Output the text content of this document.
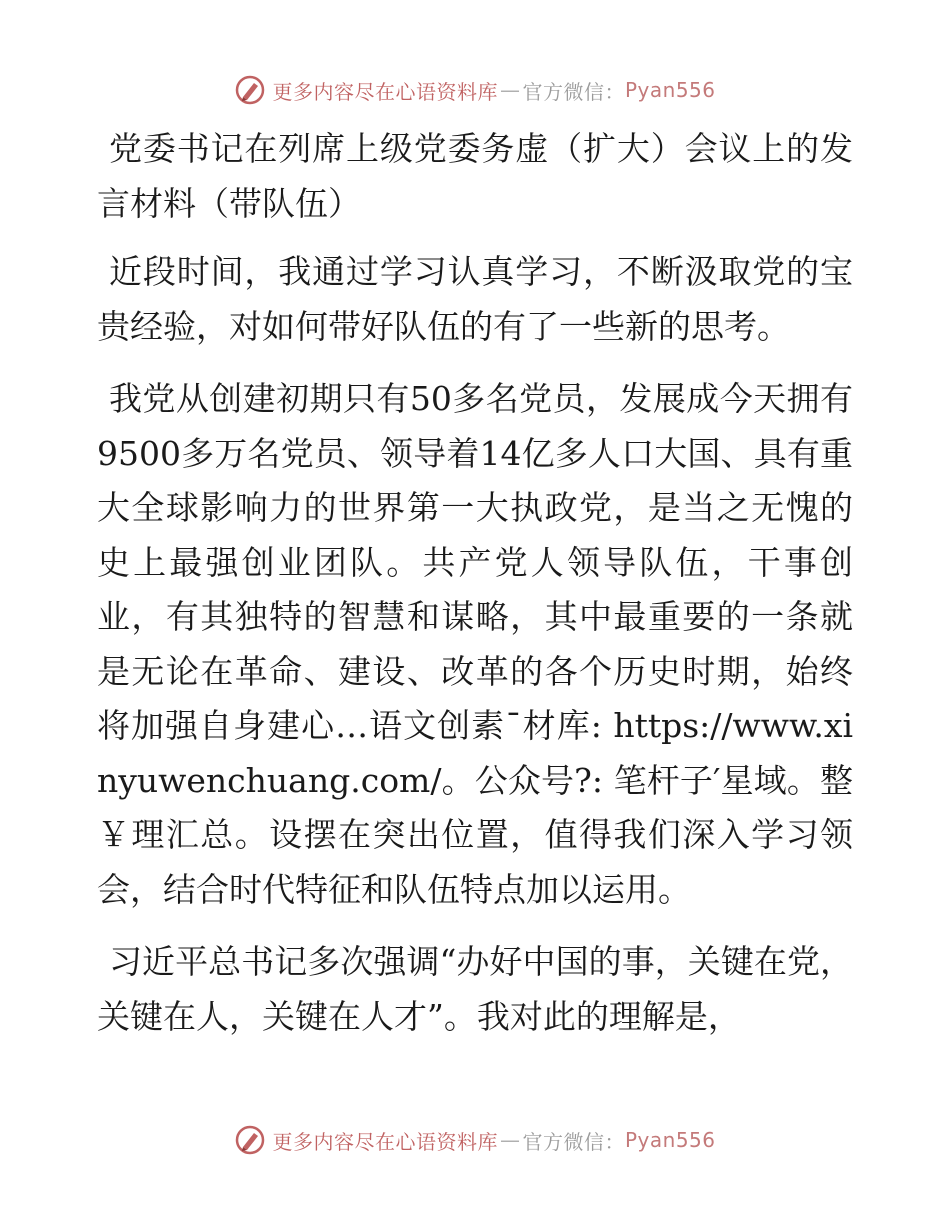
更多内容尽在心语资料库 — 官方微信： Pyan556

党委书记在列席上级党委务虚（扩大）会议上的发言材料（带队伍）

近段时间，我通过学习认真学习，不断汲取党的宝贵经验，对如何带好队伍的有了一些新的思考。

我党从创建初期只有50多名党员，发展成今天拥有9500多万名党员、领导着14亿多人口大国、具有重大全球影响力的世界第一大执政党，是当之无愧的史上最强创业团队。共产党人领导队伍，干事创业，有其独特的智慧和谋略，其中最重要的一条就是无论在革命、建设、改革的各个历史时期，始终将加强自身建心…语文创素¯材库: https://www.xinyuwenchuang.com/。公众号?: 笔杆子′星域。整￥理汇总。设摆在突出位置，值得我们深入学习领会，结合时代特征和队伍特点加以运用。

习近平总书记多次强调“办好中国的事，关键在党，关键在人，关键在人才”。我对此的理解是，

更多内容尽在心语资料库 — 官方微信： Pyan556
